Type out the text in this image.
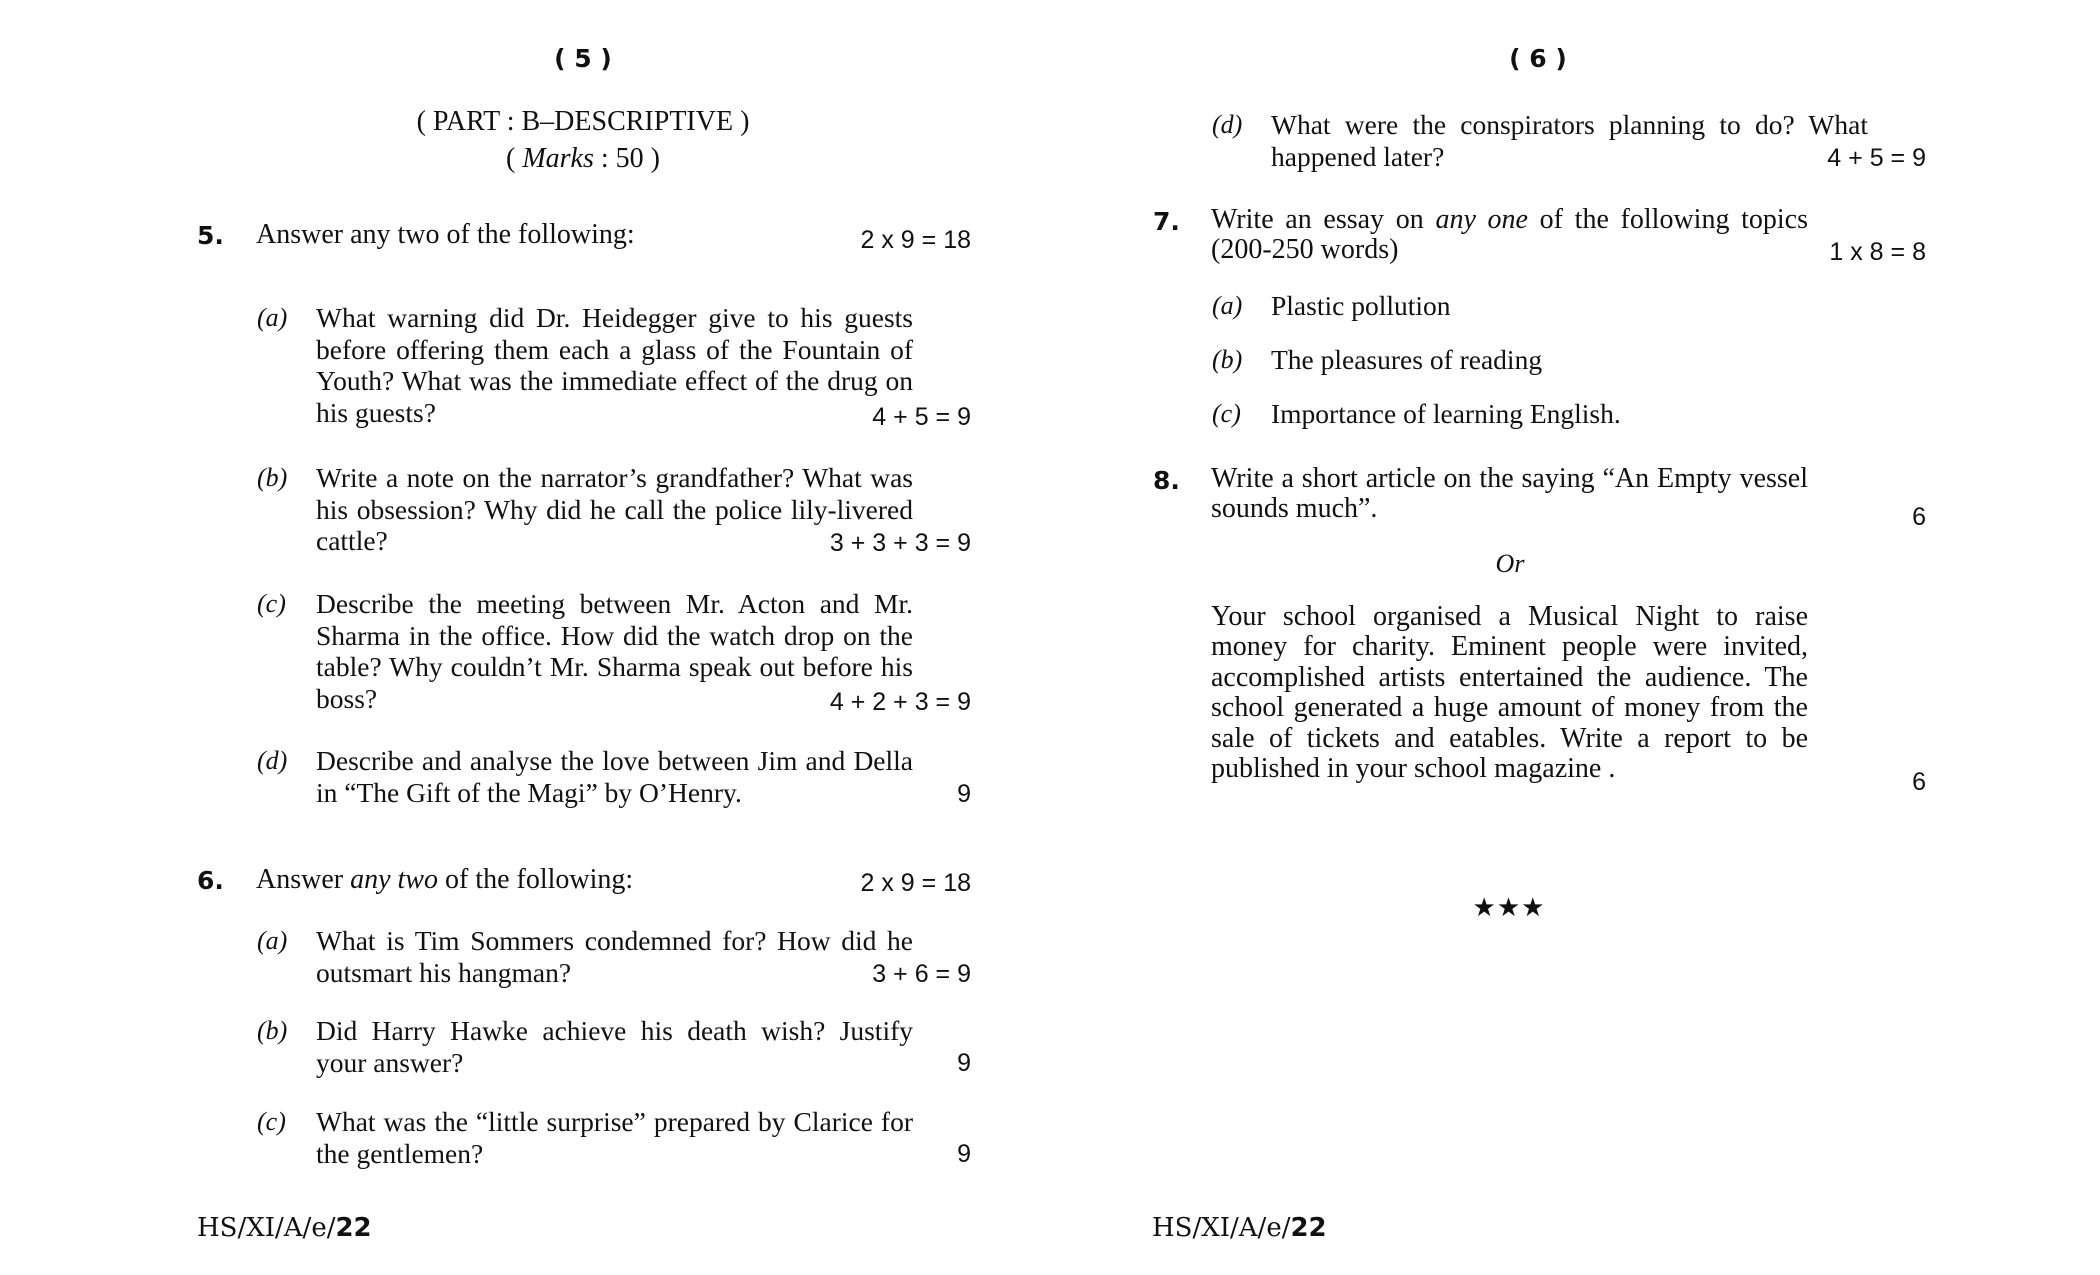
( 5 )
( PART : B–DESCRIPTIVE )
( Marks : 50 )
5. Answer any two of the following:	2 x 9 = 18
(a) What warning did Dr. Heidegger give to his guests before offering them each a glass of the Fountain of Youth? What was the immediate effect of the drug on his guests?	4 + 5 = 9
(b) Write a note on the narrator’s grandfather? What was his obsession? Why did he call the police lily-livered cattle?	3 + 3 + 3 = 9
(c) Describe the meeting between Mr. Acton and Mr. Sharma in the office. How did the watch drop on the table? Why couldn’t Mr. Sharma speak out before his boss?	4 + 2 + 3 = 9
(d) Describe and analyse the love between Jim and Della in “The Gift of the Magi” by O’Henry.	9
6. Answer any two of the following:	2 x 9 = 18
(a) What is Tim Sommers condemned for? How did he outsmart his hangman?	3 + 6 = 9
(b) Did Harry Hawke achieve his death wish? Justify your answer?	9
(c) What was the “little surprise” prepared by Clarice for the gentlemen?	9
HS/XI/A/e/22
( 6 )
(d) What were the conspirators planning to do? What happened later?	4 + 5 = 9
7. Write an essay on any one of the following topics (200-250 words)	1 x 8 = 8
(a) Plastic pollution
(b) The pleasures of reading
(c) Importance of learning English.
8. Write a short article on the saying “An Empty vessel sounds much”.	6
Or
Your school organised a Musical Night to raise money for charity. Eminent people were invited, accomplished artists entertained the audience. The school generated a huge amount of money from the sale of tickets and eatables. Write a report to be published in your school magazine .	6
★★★
HS/XI/A/e/22
